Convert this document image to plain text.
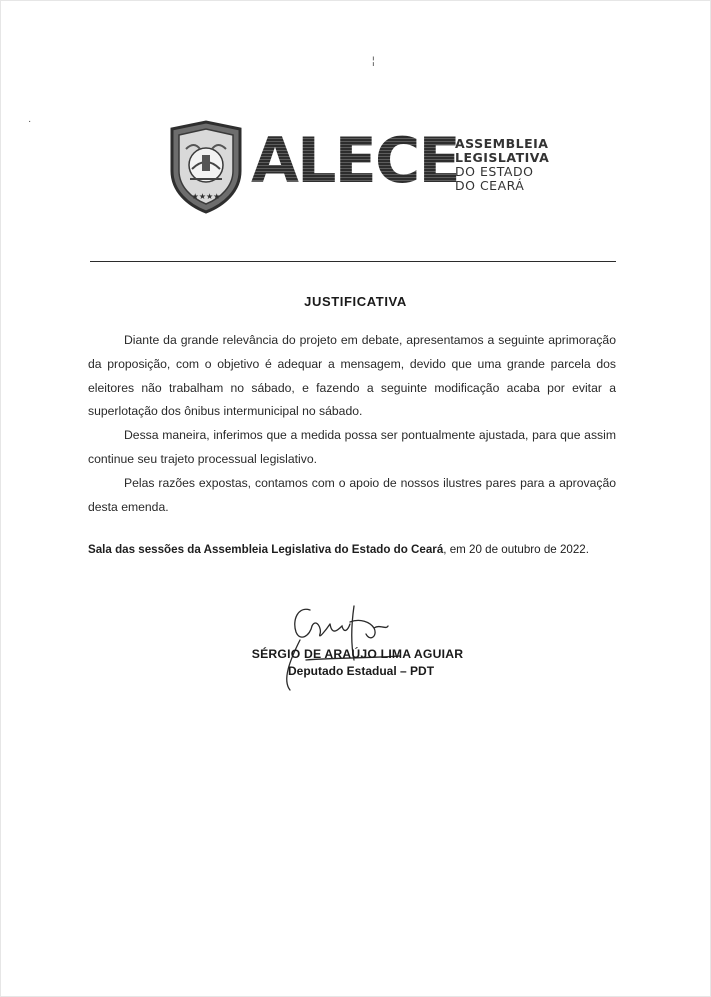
¦
·
★★★★ ALECE
ASSEMBLEIA
LEGISLATIVA
DO ESTADO
DO CEARÁ
JUSTIFICATIVA

Diante da grande relevância do projeto em debate, apresentamos a seguinte aprimoração da proposição, com o objetivo é adequar a mensagem, devido que uma grande parcela dos eleitores não trabalham no sábado, e fazendo a seguinte modificação acaba por evitar a superlotação dos ônibus intermunicipal no sábado.

Dessa maneira, inferimos que a medida possa ser pontualmente ajustada, para que assim continue seu trajeto processual legislativo.

Pelas razões expostas, contamos com o apoio de nossos ilustres pares para a aprovação desta emenda.

Sala das sessões da Assembleia Legislativa do Estado do Ceará, em 20 de outubro de 2022.
SÉRGIO DE ARAÚJO LIMA AGUIAR
Deputado Estadual – PDT
